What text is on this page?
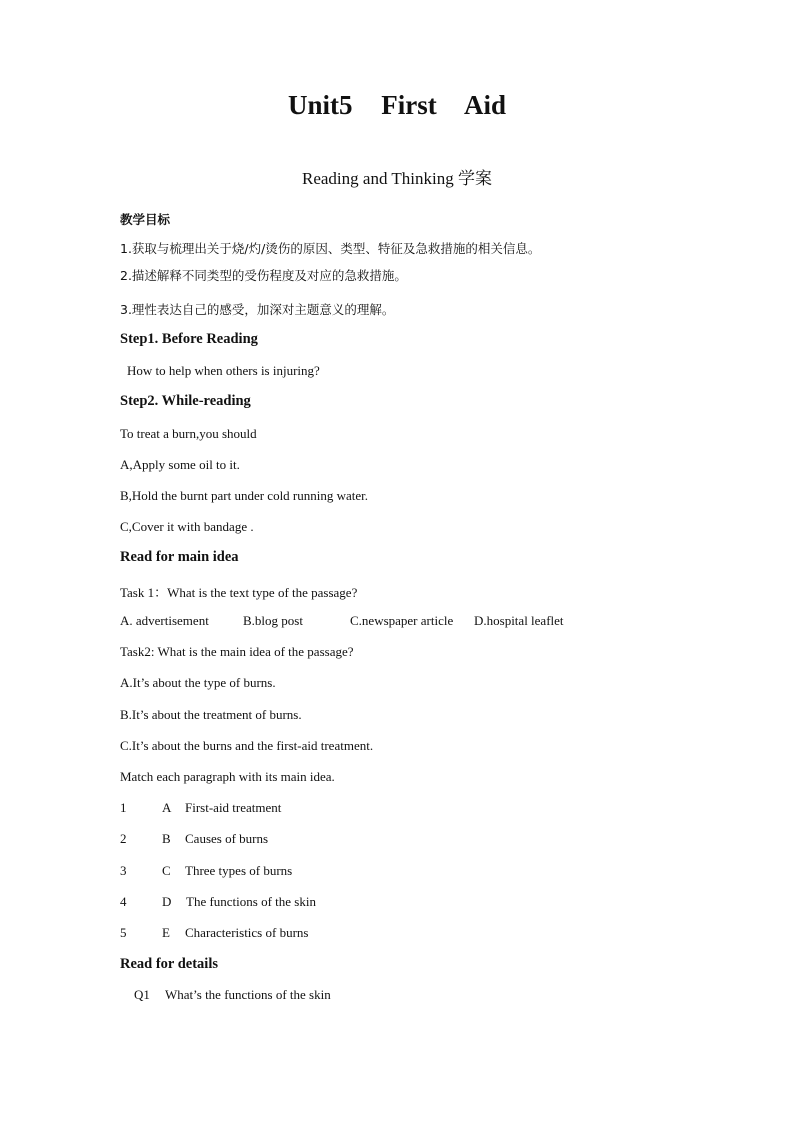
Unit5 First Aid
Reading and Thinking 学案
教学目标
1.获取与梳理出关于烧/灼/烫伤的原因、类型、特征及急救措施的相关信息。
2.描述解释不同类型的受伤程度及对应的急救措施。
3.理性表达自己的感受，加深对主题意义的理解。
Step1. Before Reading
How to help when others is injuring?
Step2. While-reading
To treat a burn,you should
A,Apply some oil to it.
B,Hold the burnt part under cold running water.
C,Cover it with bandage .
Read for main idea
Task 1：What is the text type of the passage?
A. advertisement	B.blog post	C.newspaper article D.hospital leaflet
Task2: What is the main idea of the passage?
A.It’s about the type of burns.
B.It’s about the treatment of burns.
C.It’s about the burns and the first-aid treatment.
Match each paragraph with its main idea.
1	A First-aid treatment
2	B Causes of burns
3	C Three types of burns
4	D The functions of the skin
5	E Characteristics of burns
Read for details
Q1 What’s the functions of the skin
